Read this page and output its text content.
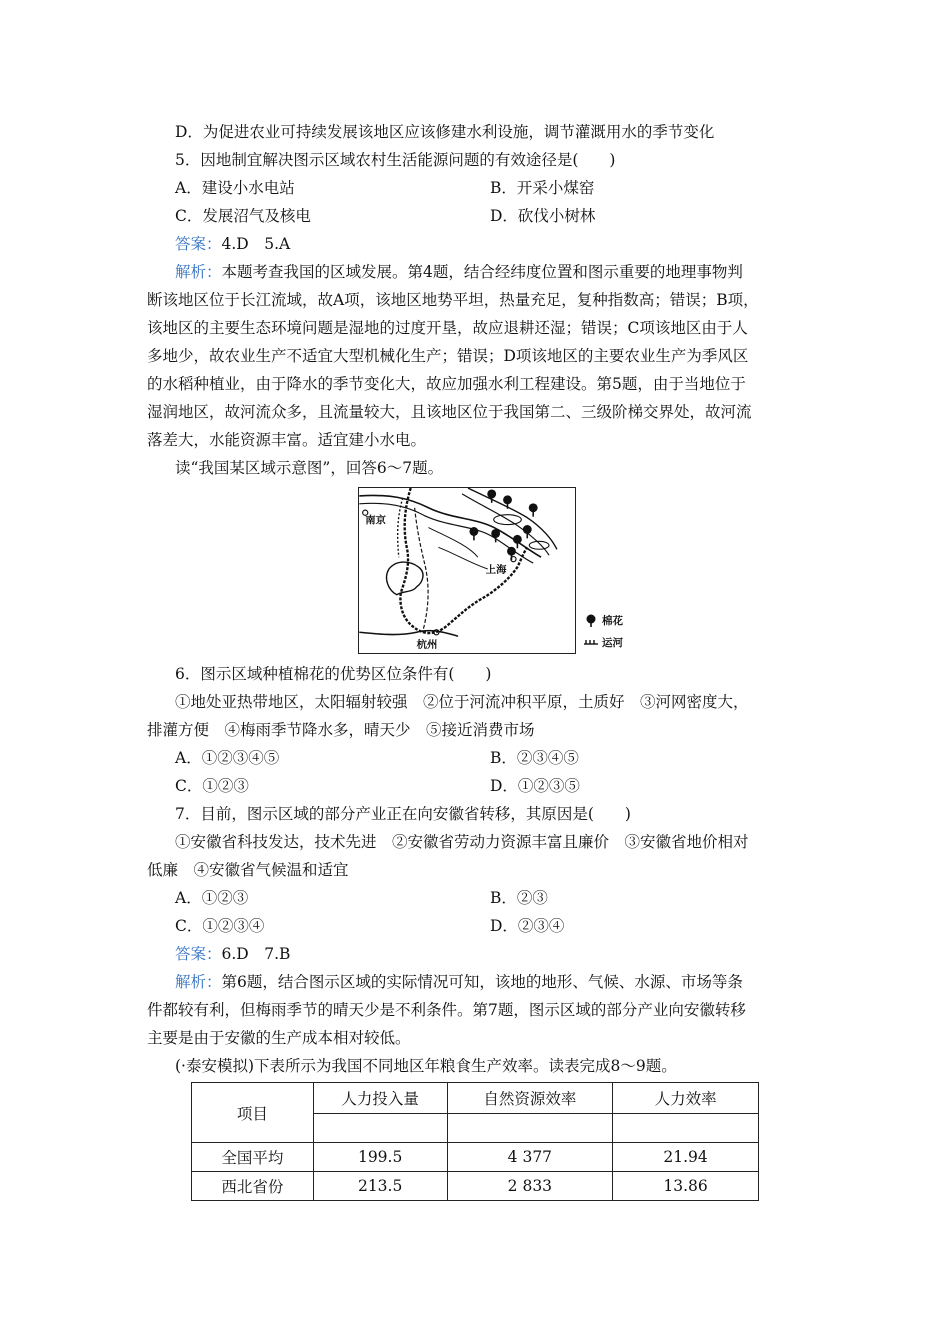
D．为促进农业可持续发展该地区应该修建水利设施，调节灌溉用水的季节变化
5．因地制宜解决图示区域农村生活能源问题的有效途径是(　　)
A．建设小水电站	B．开采小煤窑
C．发展沼气及核电	D．砍伐小树林
答案：4.D　5.A
解析：本题考查我国的区域发展。第4题，结合经纬度位置和图示重要的地理事物判
断该地区位于长江流域，故A项，该地区地势平坦，热量充足，复种指数高；错误；B项，
该地区的主要生态环境问题是湿地的过度开垦，故应退耕还湿；错误；C项该地区由于人
多地少，故农业生产不适宜大型机械化生产；错误；D项该地区的主要农业生产为季风区
的水稻种植业，由于降水的季节变化大，故应加强水利工程建设。第5题，由于当地位于
湿润地区，故河流众多，且流量较大，且该地区位于我国第二、三级阶梯交界处，故河流
落差大，水能资源丰富。适宜建小水电。
读“我国某区域示意图”，回答6～7题。
南京
上海
杭州
棉花
运河
6．图示区域种植棉花的优势区位条件有(　　)
①地处亚热带地区，太阳辐射较强　②位于河流冲积平原，土质好　③河网密度大，
排灌方便　④梅雨季节降水多，晴天少　⑤接近消费市场
A．①②③④⑤	B．②③④⑤
C．①②③	D．①②③⑤
7．目前，图示区域的部分产业正在向安徽省转移，其原因是(　　)
①安徽省科技发达，技术先进　②安徽省劳动力资源丰富且廉价　③安徽省地价相对
低廉　④安徽省气候温和适宜
A．①②③	B．②③
C．①②③④	D．②③④
答案：6.D　7.B
解析：第6题，结合图示区域的实际情况可知，该地的地形、气候、水源、市场等条
件都较有利，但梅雨季节的晴天少是不利条件。第7题，图示区域的部分产业向安徽转移
主要是由于安徽的生产成本相对较低。
(·泰安模拟)下表所示为我国不同地区年粮食生产效率。读表完成8～9题。
项目	人力投入量	自然资源效率	人力效率

全国平均	199.5	4 377	21.94
西北省份	213.5	2 833	13.86
